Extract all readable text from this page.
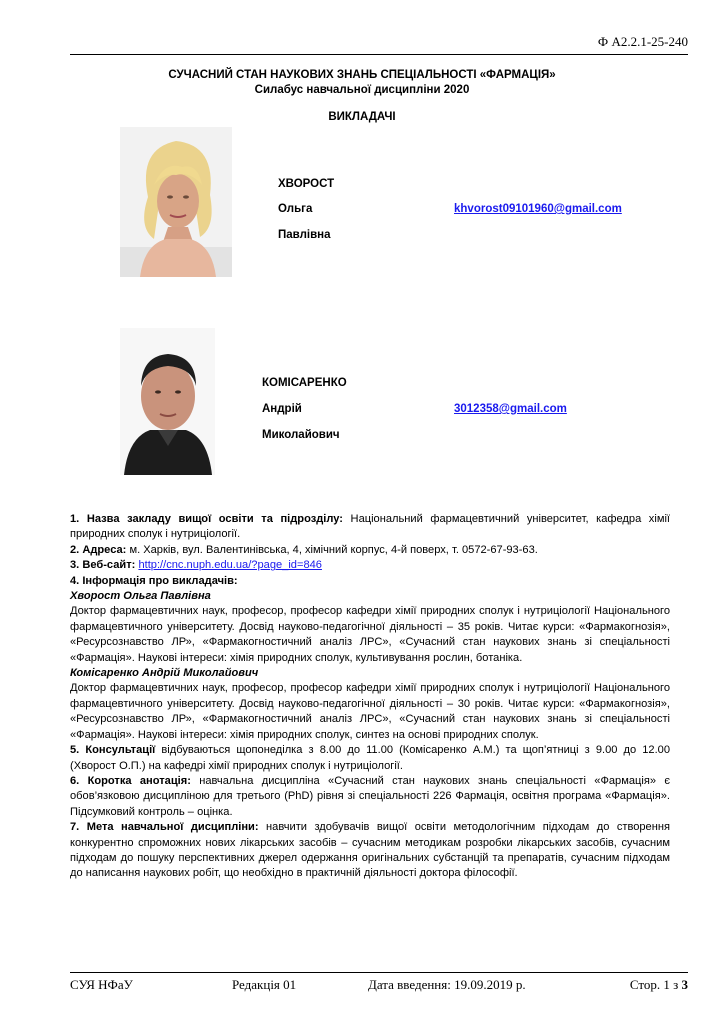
Ф А2.2.1-25-240
СУЧАСНИЙ СТАН НАУКОВИХ ЗНАНЬ СПЕЦІАЛЬНОСТІ «ФАРМАЦІЯ»
Силабус навчальної дисципліни 2020
ВИКЛАДАЧІ
ХВОРОСТ
Ольга
Павлівна
khvorost09101960@gmail.com
КОМІСАРЕНКО
Андрій
Миколайович
3012358@gmail.com

1. Назва закладу вищої освіти та підрозділу: Національний фармацевтичний університет, кафедра хімії природних сполук і нутриціології.

2. Адреса: м. Харків, вул. Валентинівська, 4, хімічний корпус, 4-й поверх, т. 0572-67-93-63.

3. Веб-сайт: http://cnc.nuph.edu.ua/?page_id=846

4. Інформація про викладачів:

Хворост Ольга Павлівна

Доктор фармацевтичних наук, професор, професор кафедри хімії природних сполук і нутриціології Національного фармацевтичного університету. Досвід науково-педагогічної діяльності – 35 років. Читає курси: «Фармакогнозія», «Ресурсознавство ЛР», «Фармакогностичний аналіз ЛРС», «Сучасний стан наукових знань зі спеціальності «Фармація». Наукові інтереси: хімія природних сполук, культивування рослин, ботаніка.

Комісаренко Андрій Миколайович

Доктор фармацевтичних наук, професор, професор кафедри хімії природних сполук і нутриціології Національного фармацевтичного університету. Досвід науково-педагогічної діяльності – 30 років. Читає курси: «Фармакогнозія», «Ресурсознавство ЛР», «Фармакогностичний аналіз ЛРС», «Сучасний стан наукових знань зі спеціальності «Фармація». Наукові інтереси: хімія природних сполук, синтез на основі природних сполук.

5. Консультації відбуваються щопонеділка з 8.00 до 11.00 (Комісаренко А.М.) та щоп’ятниці з 9.00 до 12.00 (Хворост О.П.) на кафедрі хімії природних сполук і нутриціології.

6. Коротка анотація: навчальна дисципліна «Сучасний стан наукових знань спеціальності «Фармація» є обов’язковою дисципліною для третього (PhD) рівня зі спеціальності 226 Фармація, освітня програма «Фармація». Підсумковий контроль – оцінка.

7. Мета навчальної дисципліни: навчити здобувачів вищої освіти методологічним підходам до створення конкурентно спроможних нових лікарських засобів – сучасним методикам розробки лікарських засобів, сучасним підходам до пошуку перспективних джерел одержання оригінальних субстанцій та препаратів, сучасним підходам до написання наукових робіт, що необхідно в практичній діяльності доктора філософії.

СУЯ НФаУ	Редакція 01	Дата введення: 19.09.2019 р.	Стор. 1 з 3
